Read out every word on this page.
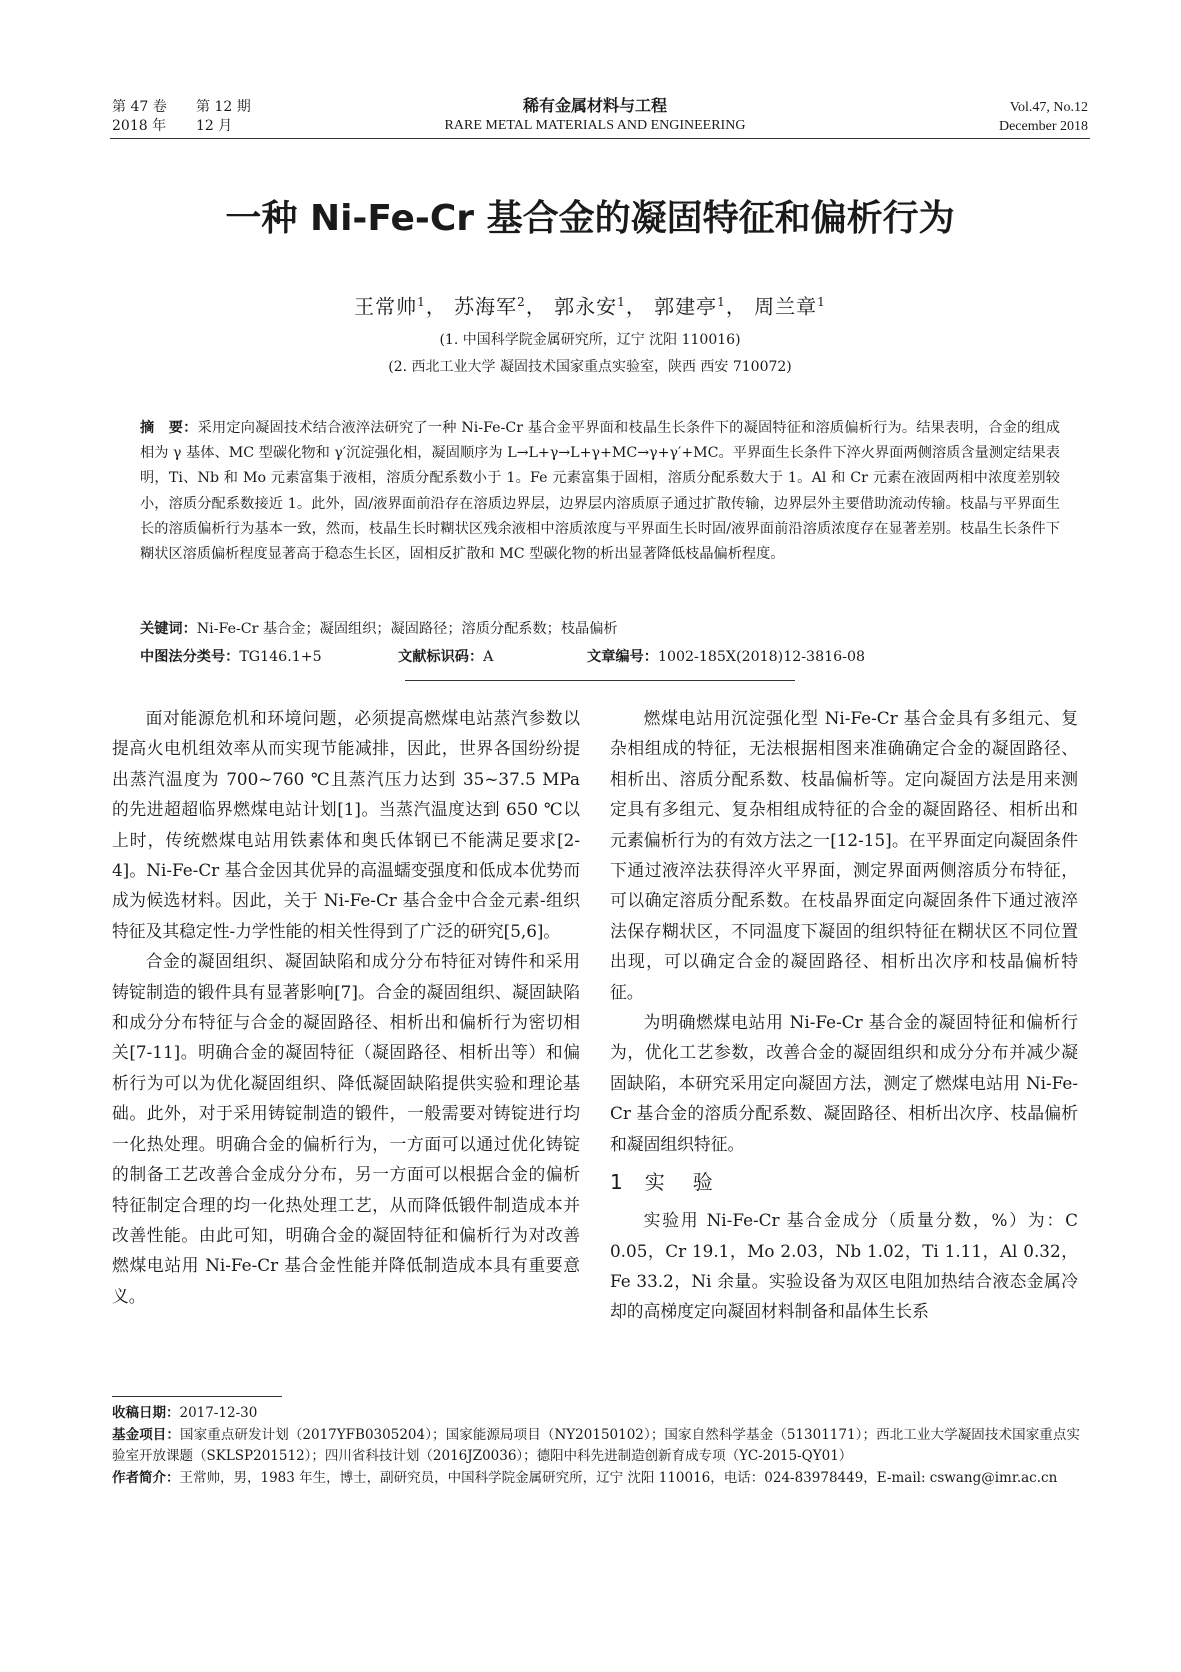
第 47 卷 第 12 期
2018 年 12 月
稀有金属材料与工程
RARE METAL MATERIALS AND ENGINEERING
Vol.47, No.12
December 2018
一种 Ni-Fe-Cr 基合金的凝固特征和偏析行为
王常帅$^1$， 苏海军$^2$， 郭永安$^1$， 郭建亭$^1$， 周兰章$^1$
(1. 中国科学院金属研究所，辽宁 沈阳 110016)
(2. 西北工业大学 凝固技术国家重点实验室，陕西 西安 710072)
摘　要：采用定向凝固技术结合液淬法研究了一种 Ni-Fe-Cr 基合金平界面和枝晶生长条件下的凝固特征和溶质偏析行为。结果表明，合金的组成相为 γ 基体、MC 型碳化物和 γ′沉淀强化相，凝固顺序为 L→L+γ→L+γ+MC→γ+γ′+MC。平界面生长条件下淬火界面两侧溶质含量测定结果表明，Ti、Nb 和 Mo 元素富集于液相，溶质分配系数小于 1。Fe 元素富集于固相，溶质分配系数大于 1。Al 和 Cr 元素在液固两相中浓度差别较小，溶质分配系数接近 1。此外，固/液界面前沿存在溶质边界层，边界层内溶质原子通过扩散传输，边界层外主要借助流动传输。枝晶与平界面生长的溶质偏析行为基本一致，然而，枝晶生长时糊状区残余液相中溶质浓度与平界面生长时固/液界面前沿溶质浓度存在显著差别。枝晶生长条件下糊状区溶质偏析程度显著高于稳态生长区，固相反扩散和 MC 型碳化物的析出显著降低枝晶偏析程度。
关键词：Ni-Fe-Cr 基合金；凝固组织；凝固路径；溶质分配系数；枝晶偏析
中图法分类号：TG146.1+5	文献标识码：A	文章编号：1002-185X(2018)12-3816-08

面对能源危机和环境问题，必须提高燃煤电站蒸汽参数以提高火电机组效率从而实现节能减排，因此，世界各国纷纷提出蒸汽温度为 700~760 ℃且蒸汽压力达到 35~37.5 MPa 的先进超超临界燃煤电站计划[1]。当蒸汽温度达到 650 ℃以上时，传统燃煤电站用铁素体和奥氏体钢已不能满足要求[2-4]。Ni-Fe-Cr 基合金因其优异的高温蠕变强度和低成本优势而成为候选材料。因此，关于 Ni-Fe-Cr 基合金中合金元素-组织特征及其稳定性-力学性能的相关性得到了广泛的研究[5,6]。

合金的凝固组织、凝固缺陷和成分分布特征对铸件和采用铸锭制造的锻件具有显著影响[7]。合金的凝固组织、凝固缺陷和成分分布特征与合金的凝固路径、相析出和偏析行为密切相关[7-11]。明确合金的凝固特征（凝固路径、相析出等）和偏析行为可以为优化凝固组织、降低凝固缺陷提供实验和理论基础。此外，对于采用铸锭制造的锻件，一般需要对铸锭进行均一化热处理。明确合金的偏析行为，一方面可以通过优化铸锭的制备工艺改善合金成分分布，另一方面可以根据合金的偏析特征制定合理的均一化热处理工艺，从而降低锻件制造成本并改善性能。由此可知，明确合金的凝固特征和偏析行为对改善燃煤电站用 Ni-Fe-Cr 基合金性能并降低制造成本具有重要意义。

燃煤电站用沉淀强化型 Ni-Fe-Cr 基合金具有多组元、复杂相组成的特征，无法根据相图来准确确定合金的凝固路径、相析出、溶质分配系数、枝晶偏析等。定向凝固方法是用来测定具有多组元、复杂相组成特征的合金的凝固路径、相析出和元素偏析行为的有效方法之一[12-15]。在平界面定向凝固条件下通过液淬法获得淬火平界面，测定界面两侧溶质分布特征，可以确定溶质分配系数。在枝晶界面定向凝固条件下通过液淬法保存糊状区，不同温度下凝固的组织特征在糊状区不同位置出现，可以确定合金的凝固路径、相析出次序和枝晶偏析特征。

为明确燃煤电站用 Ni-Fe-Cr 基合金的凝固特征和偏析行为，优化工艺参数，改善合金的凝固组织和成分分布并减少凝固缺陷，本研究采用定向凝固方法，测定了燃煤电站用 Ni-Fe-Cr 基合金的溶质分配系数、凝固路径、相析出次序、枝晶偏析和凝固组织特征。

1 实　验

实验用 Ni-Fe-Cr 基合金成分（质量分数，%）为：C 0.05，Cr 19.1，Mo 2.03，Nb 1.02，Ti 1.11，Al 0.32，Fe 33.2，Ni 余量。实验设备为双区电阻加热结合液态金属冷却的高梯度定向凝固材料制备和晶体生长系

收稿日期：2017-12-30

基金项目：国家重点研发计划（2017YFB0305204）；国家能源局项目（NY20150102）；国家自然科学基金（51301171）；西北工业大学凝固技术国家重点实验室开放课题（SKLSP201512）；四川省科技计划（2016JZ0036）；德阳中科先进制造创新育成专项（YC-2015-QY01）

作者简介：王常帅，男，1983 年生，博士，副研究员，中国科学院金属研究所，辽宁 沈阳 110016，电话：024-83978449，E-mail: cswang@imr.ac.cn
